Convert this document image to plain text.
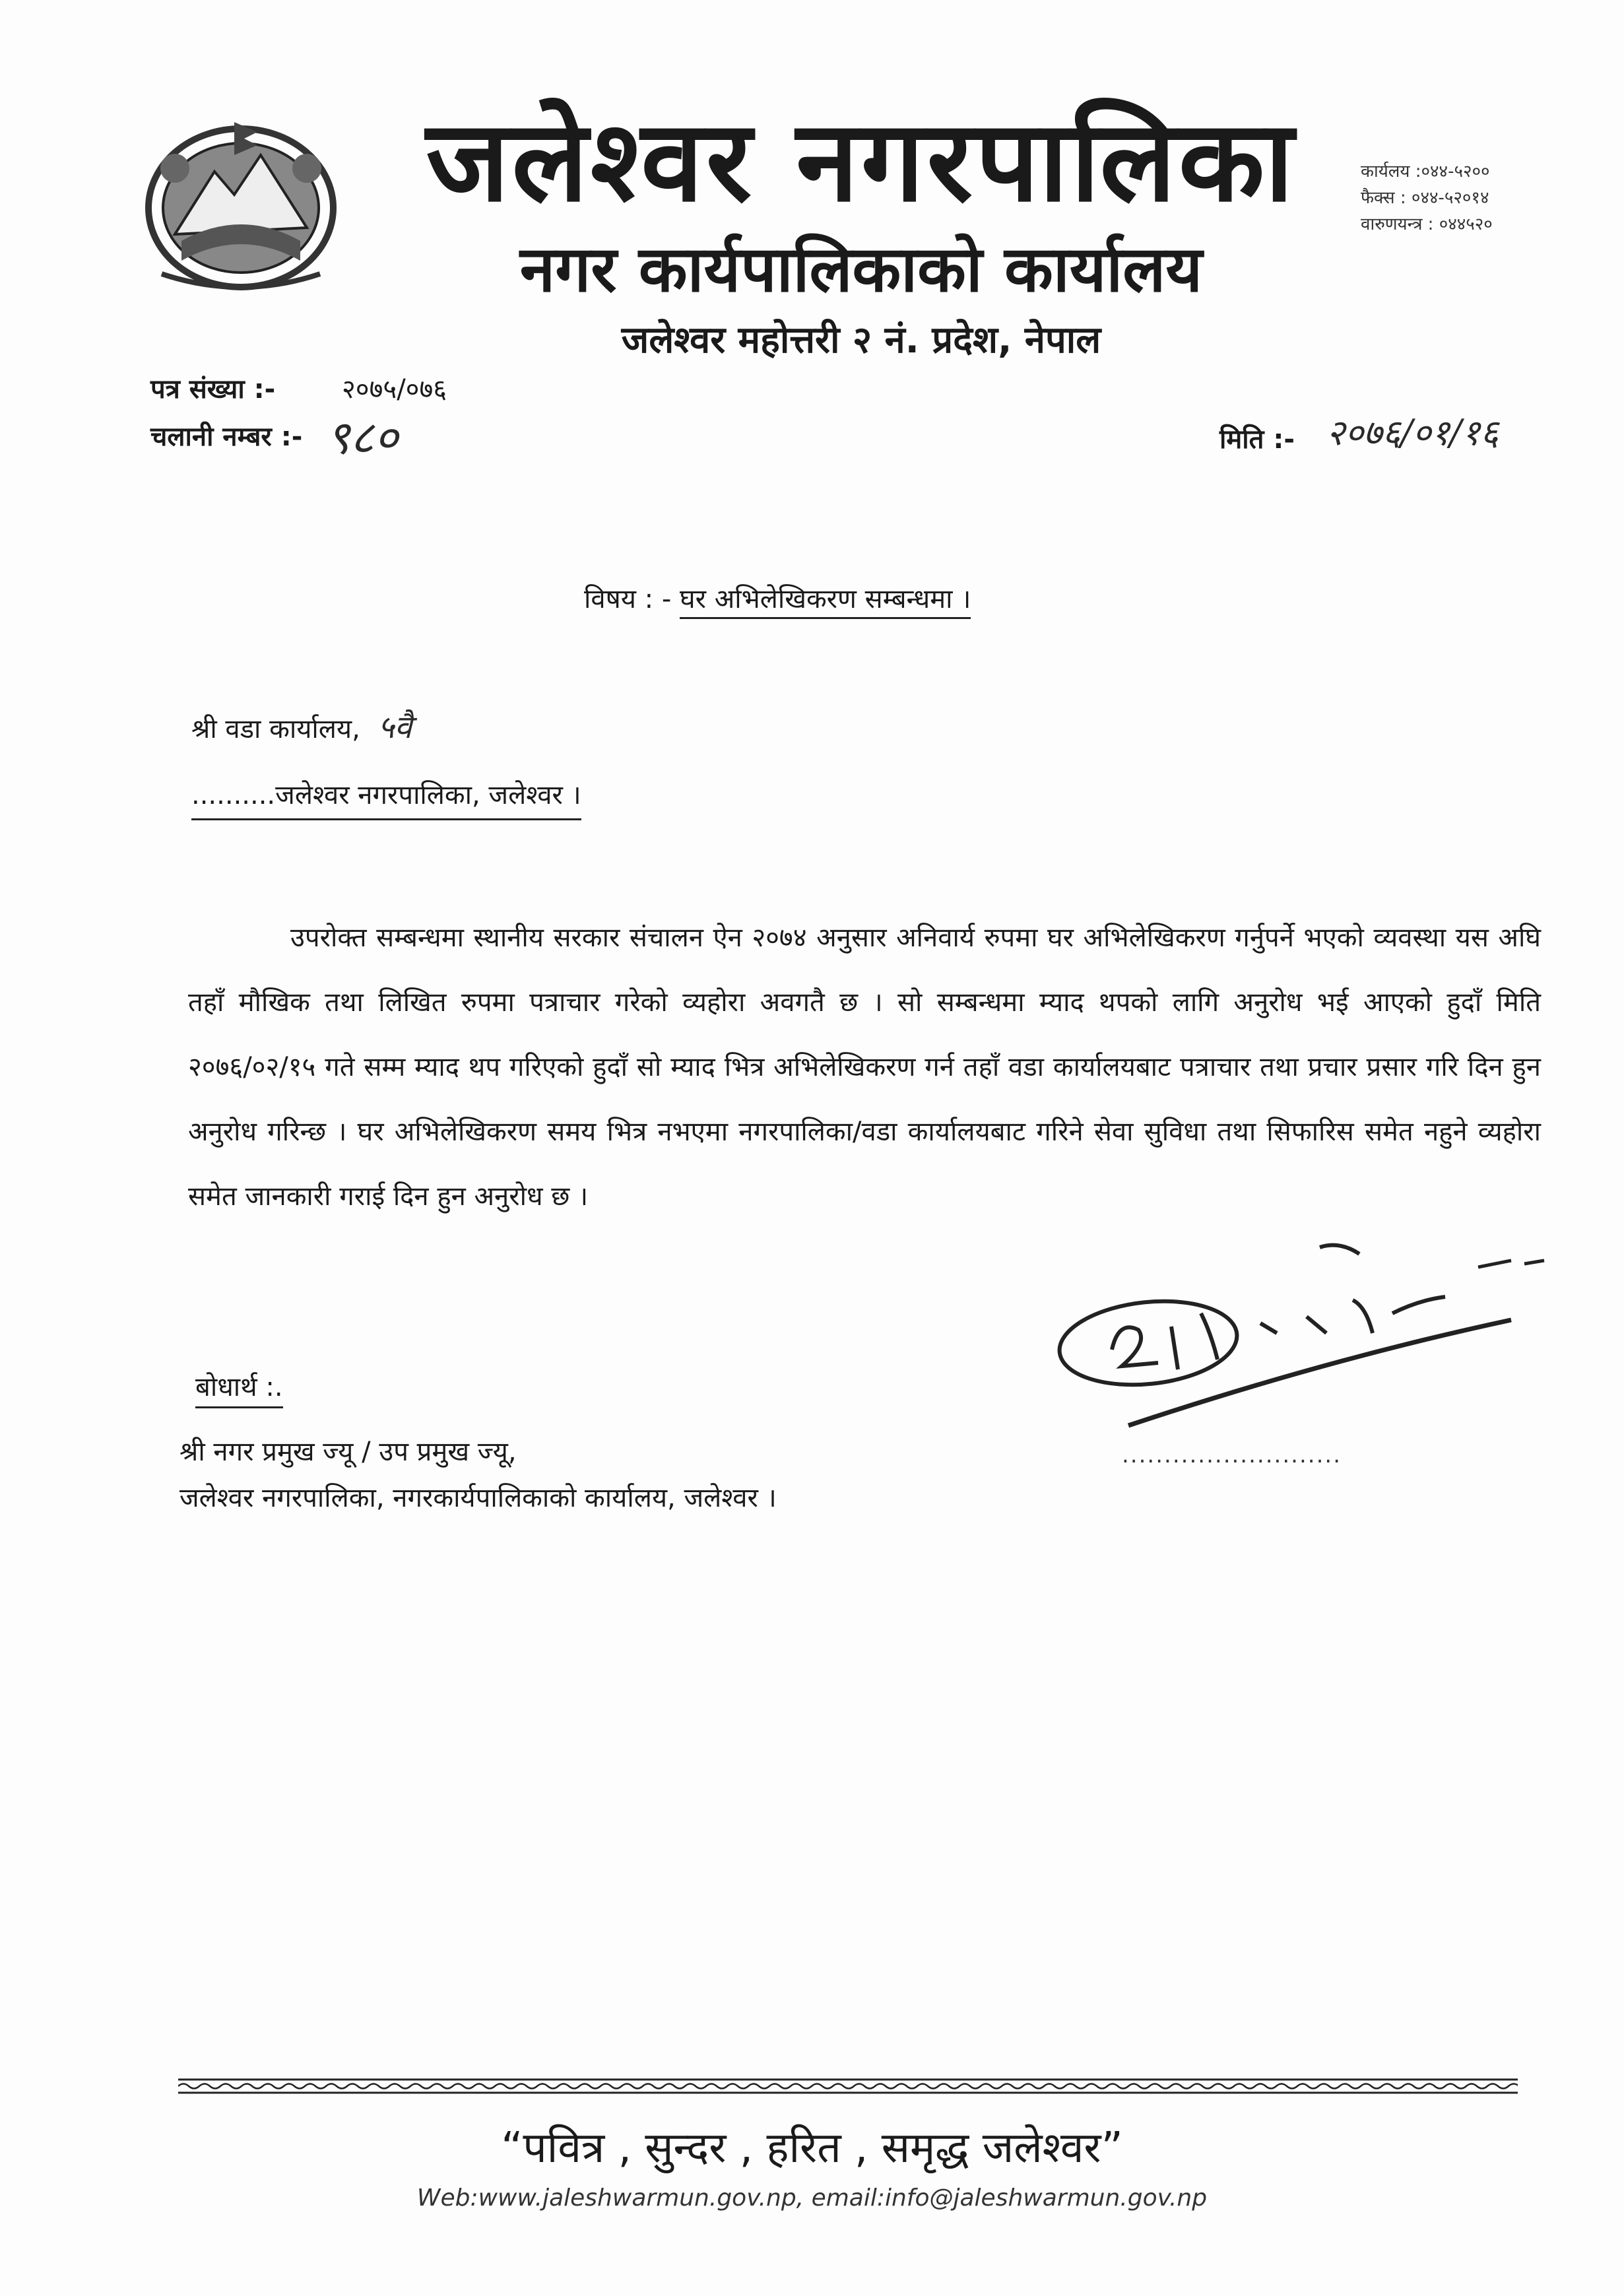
जलेश्वर नगरपालिका
नगर कार्यपालिकाको कार्यालय
जलेश्वर महोत्तरी २ नं. प्रदेश, नेपाल
कार्यलय :०४४-५२००
फैक्स : ०४४-५२०१४
वारुणयन्त्र : ०४४५२०
पत्र संख्या :-	२०७५/०७६
चलानी नम्बर :- ९८०	मिति :- २०७६/०१/१६
विषय : - घर अभिलेखिकरण सम्बन्धमा ।
श्री वडा कार्यालय, ५वै
..........जलेश्वर नगरपालिका, जलेश्वर ।
उपरोक्त सम्बन्धमा स्थानीय सरकार संचालन ऐन २०७४ अनुसार अनिवार्य रुपमा घर अभिलेखिकरण गर्नुपर्ने भएको व्यवस्था यस अघि तहाँ मौखिक तथा लिखित रुपमा पत्राचार गरेको व्यहोरा अवगतै छ । सो सम्बन्धमा म्याद थपको लागि अनुरोध भई आएको हुदाँ मिति २०७६/०२/१५ गते सम्म म्याद थप गरिएको हुदाँ सो म्याद भित्र अभिलेखिकरण गर्न तहाँ वडा कार्यालयबाट पत्राचार तथा प्रचार प्रसार गरि दिन हुन अनुरोध गरिन्छ । घर अभिलेखिकरण समय भित्र नभएमा नगरपालिका/वडा कार्यालयबाट गरिने सेवा सुविधा तथा सिफारिस समेत नहुने व्यहोरा समेत जानकारी गराई दिन हुन अनुरोध छ ।
..........................
बोधार्थ :.
श्री नगर प्रमुख ज्यू / उप प्रमुख ज्यू,
जलेश्वर नगरपालिका, नगरकार्यपालिकाको कार्यालय, जलेश्वर ।
“पवित्र , सुन्दर , हरित , समृद्ध जलेश्वर”
Web:www.jaleshwarmun.gov.np, email:info@jaleshwarmun.gov.np
